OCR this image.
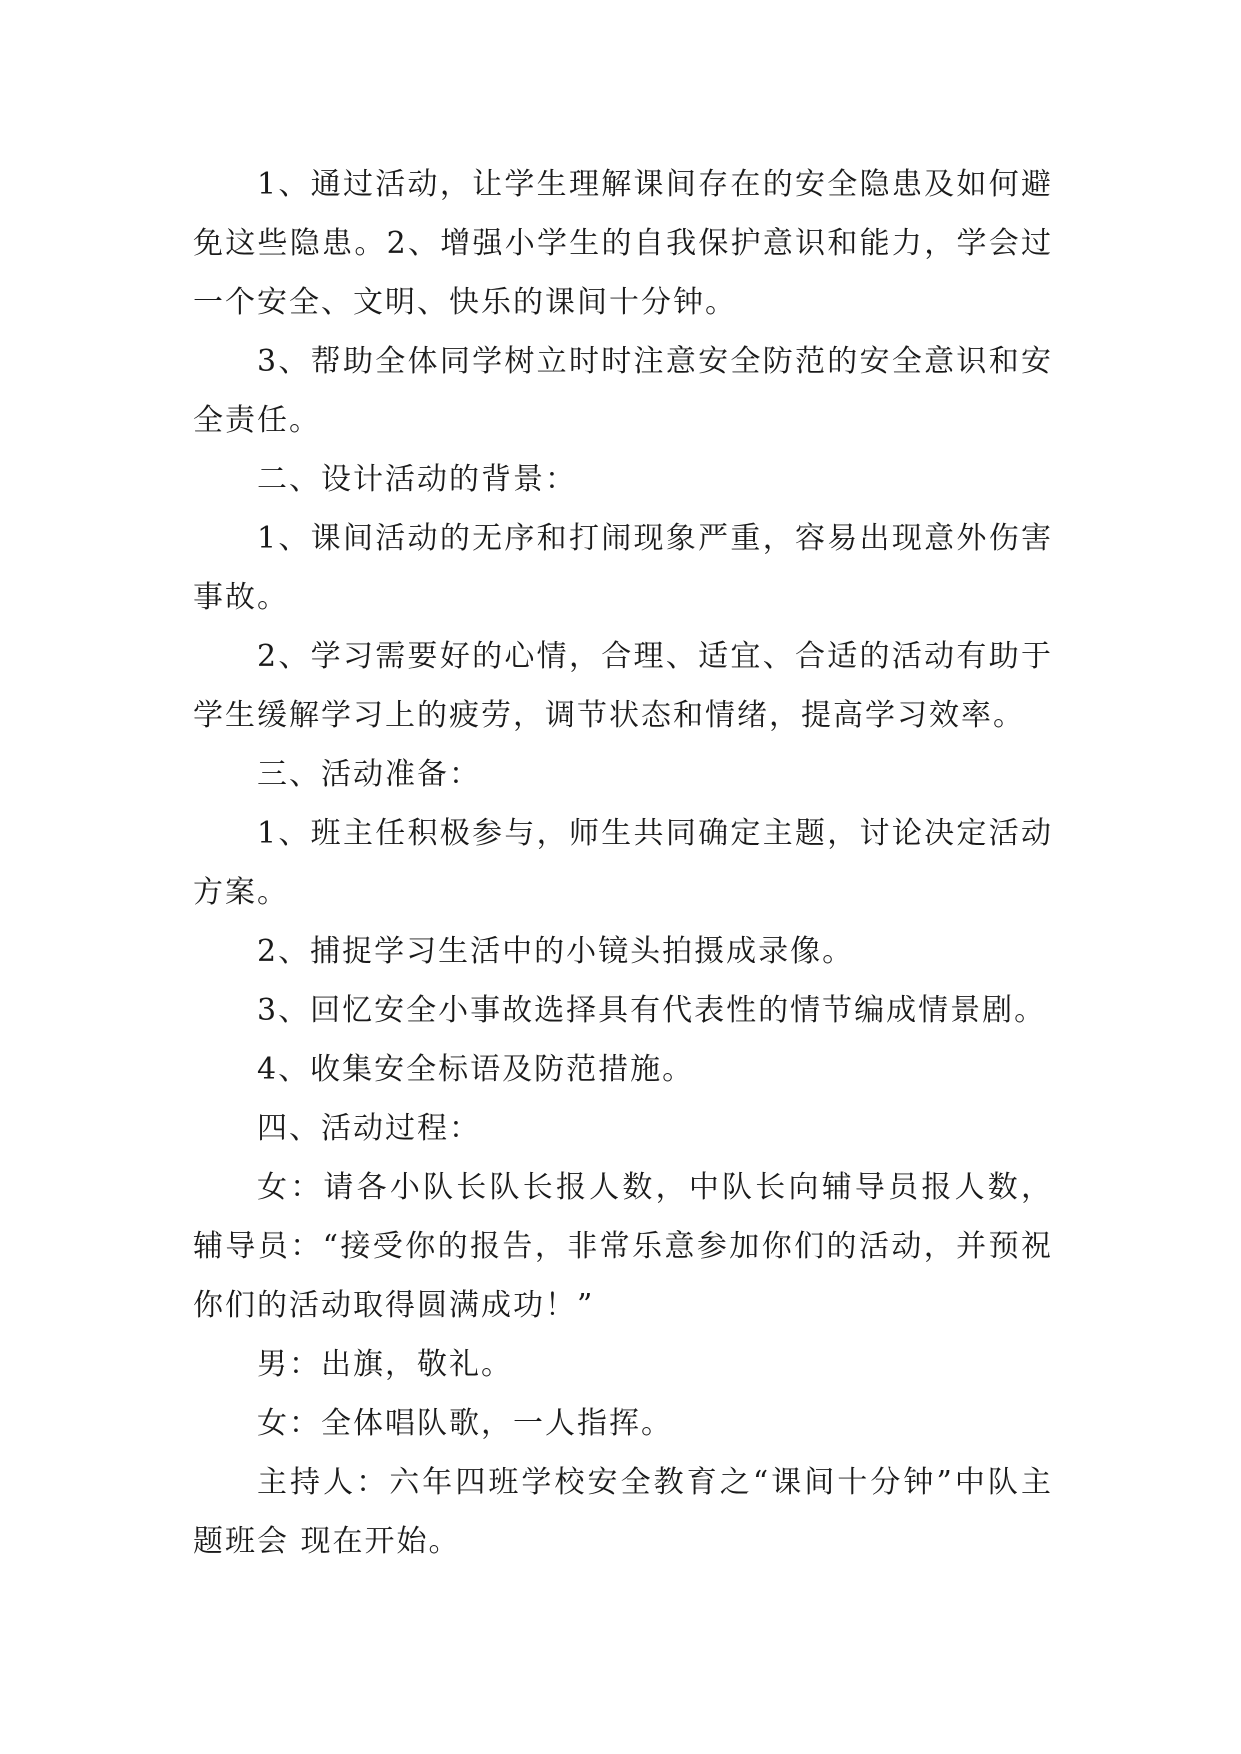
1、通过活动，让学生理解课间存在的安全隐患及如何避免这些隐患。2、增强小学生的自我保护意识和能力，学会过一个安全、文明、快乐的课间十分钟。

3、帮助全体同学树立时时注意安全防范的安全意识和安全责任。

二、设计活动的背景：

1、课间活动的无序和打闹现象严重，容易出现意外伤害事故。

2、学习需要好的心情，合理、适宜、合适的活动有助于学生缓解学习上的疲劳，调节状态和情绪，提高学习效率。

三、活动准备：

1、班主任积极参与，师生共同确定主题，讨论决定活动方案。

2、捕捉学习生活中的小镜头拍摄成录像。

3、回忆安全小事故选择具有代表性的情节编成情景剧。

4、收集安全标语及防范措施。

四、活动过程：

女：请各小队长队长报人数，中队长向辅导员报人数，辅导员：“接受你的报告，非常乐意参加你们的活动，并预祝你们的活动取得圆满成功！”

男：出旗，敬礼。

女：全体唱队歌，一人指挥。

主持人：六年四班学校安全教育之“课间十分钟”中队主题班会 现在开始。
